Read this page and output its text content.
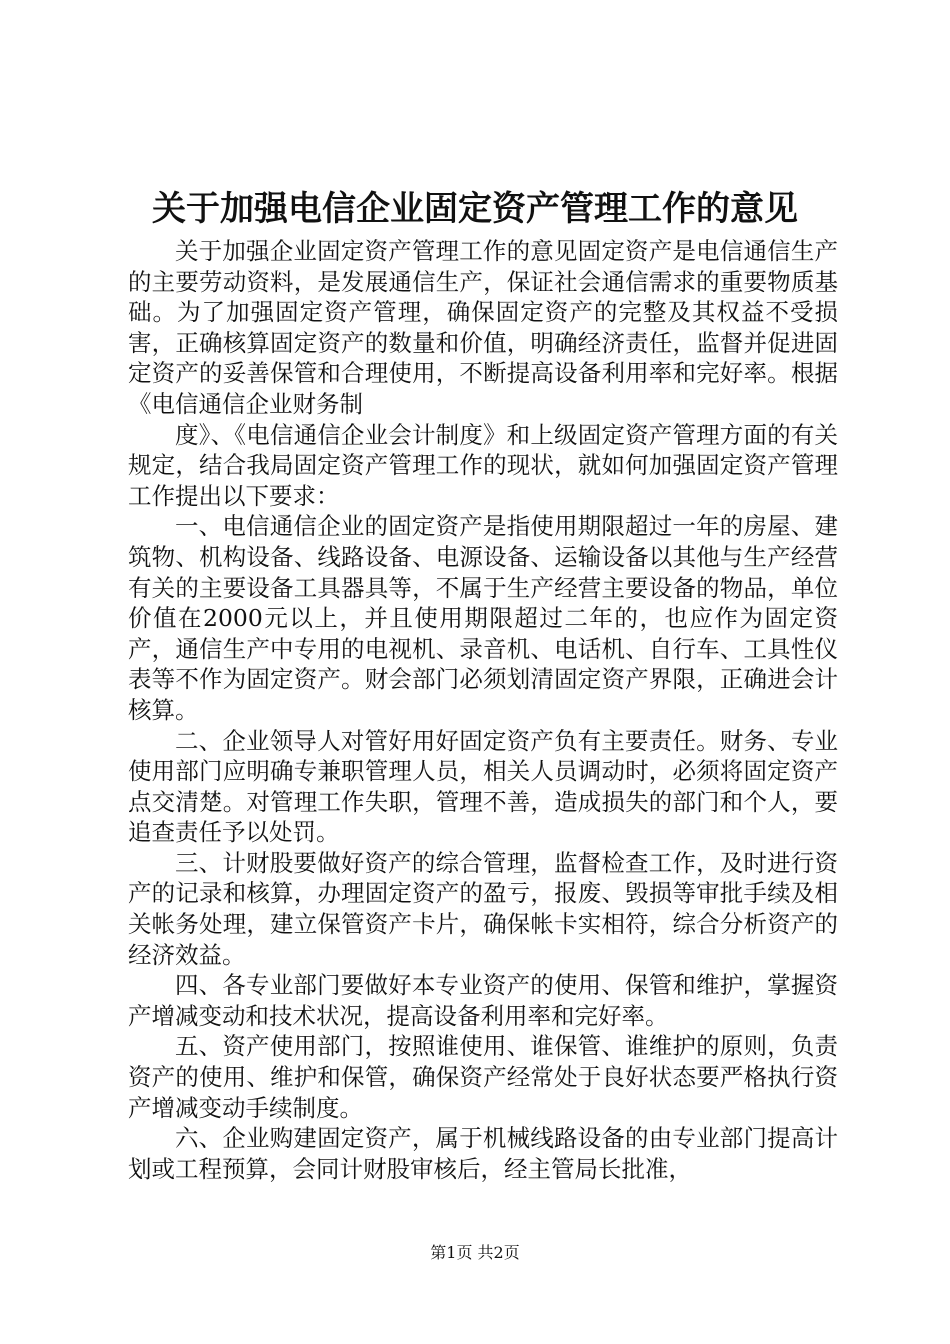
关于加强电信企业固定资产管理工作的意见

关于加强企业固定资产管理工作的意见固定资产是电信通信生产的主要劳动资料，是发展通信生产，保证社会通信需求的重要物质基础。为了加强固定资产管理，确保固定资产的完整及其权益不受损害，正确核算固定资产的数量和价值，明确经济责任，监督并促进固定资产的妥善保管和合理使用，不断提高设备利用率和完好率。根据《电信通信企业财务制

度》、《电信通信企业会计制度》和上级固定资产管理方面的有关规定，结合我局固定资产管理工作的现状，就如何加强固定资产管理工作提出以下要求：

一、电信通信企业的固定资产是指使用期限超过一年的房屋、建筑物、机构设备、线路设备、电源设备、运输设备以其他与生产经营有关的主要设备工具器具等，不属于生产经营主要设备的物品，单位价值在2000元以上，并且使用期限超过二年的，也应作为固定资产，通信生产中专用的电视机、录音机、电话机、自行车、工具性仪表等不作为固定资产。财会部门必须划清固定资产界限，正确进会计核算。

二、企业领导人对管好用好固定资产负有主要责任。财务、专业使用部门应明确专兼职管理人员，相关人员调动时，必须将固定资产点交清楚。对管理工作失职，管理不善，造成损失的部门和个人，要追查责任予以处罚。

三、计财股要做好资产的综合管理，监督检查工作，及时进行资产的记录和核算，办理固定资产的盈亏，报废、毁损等审批手续及相关帐务处理，建立保管资产卡片，确保帐卡实相符，综合分析资产的经济效益。

四、各专业部门要做好本专业资产的使用、保管和维护，掌握资产增减变动和技术状况，提高设备利用率和完好率。

五、资产使用部门，按照谁使用、谁保管、谁维护的原则，负责资产的使用、维护和保管，确保资产经常处于良好状态要严格执行资产增减变动手续制度。

六、企业购建固定资产，属于机械线路设备的由专业部门提高计划或工程预算，会同计财股审核后，经主管局长批准，

第1页 共2页
